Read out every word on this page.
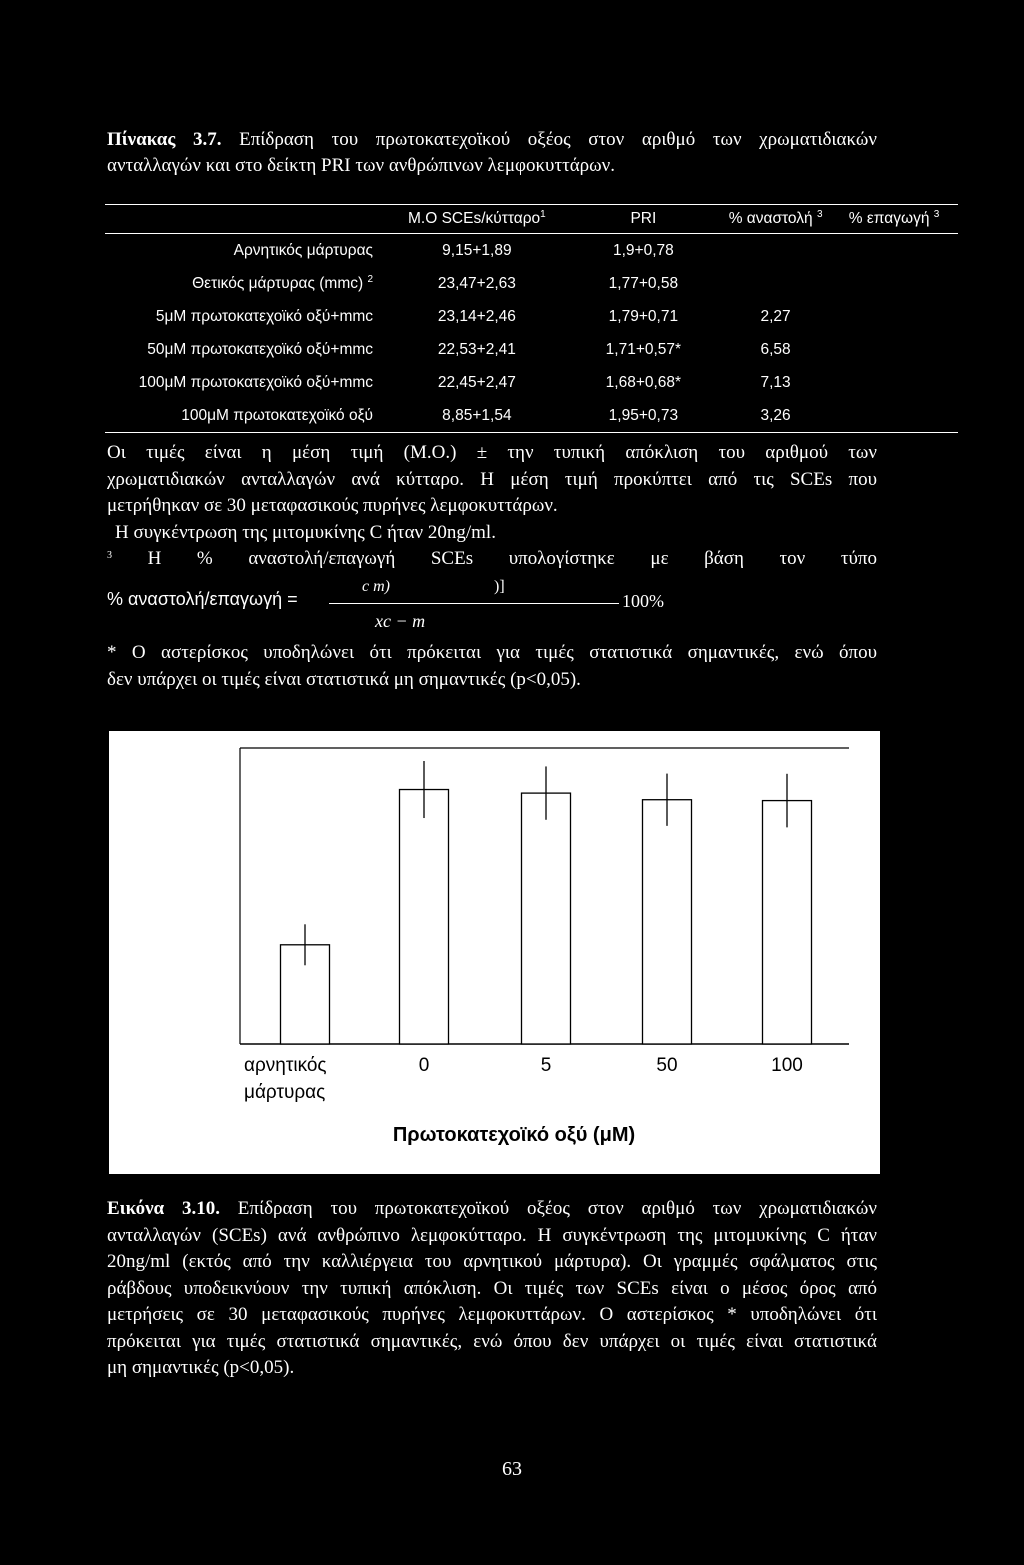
Πίνακας 3.7. Επίδραση του πρωτοκατεχοϊκού οξέος στον αριθμό των χρωματιδιακών
ανταλλαγών και στο δείκτη PRI των ανθρώπινων λεμφοκυττάρων.
	Μ.Ο SCEs/κύτταρο$^1$	PRI	% αναστολή $^3$	% επαγωγή $^3$
Αρνητικός μάρτυρας	9,15+1,89	1,9+0,78		
Θετικός μάρτυρας (mmc) $^2$	23,47+2,63	1,77+0,58		
5μΜ πρωτοκατεχοϊκό οξύ+mmc	23,14+2,46	1,79+0,71	2,27	
50μΜ πρωτοκατεχοϊκό οξύ+mmc	22,53+2,41	1,71+0,57*	6,58	
100μΜ πρωτοκατεχοϊκό οξύ+mmc	22,45+2,47	1,68+0,68*	7,13	
100μΜ πρωτοκατεχοϊκό οξύ	8,85+1,54	1,95+0,73	3,26	
Οι τιμές είναι η μέση τιμή (Μ.Ο.) ± την τυπική απόκλιση του αριθμού των
χρωματιδιακών ανταλλαγών ανά κύτταρο. Η μέση τιμή προκύπτει από τις SCEs που
μετρήθηκαν σε 30 μεταφασικούς πυρήνες λεμφοκυττάρων.
Η συγκέντρωση της μιτομυκίνης C ήταν 20ng/ml.
$^3$ Η % αναστολή/επαγωγή SCEs υπολογίστηκε με βάση τον τύπο
% αναστολή/επαγωγή =
c m)	)]
100%
xc − m
* Ο αστερίσκος υποδηλώνει ότι πρόκειται για τιμές στατιστικά σημαντικές, ενώ όπου
δεν υπάρχει οι τιμές είναι στατιστικά μη σημαντικές (p<0,05).
αρνητικός μάρτυρας
0	5	50	100
Πρωτοκατεχοϊκό οξύ (μΜ)
Εικόνα 3.10. Επίδραση του πρωτοκατεχοϊκού οξέος στον αριθμό των χρωματιδιακών
ανταλλαγών (SCEs) ανά ανθρώπινο λεμφοκύτταρο. Η συγκέντρωση της μιτομυκίνης C ήταν
20ng/ml (εκτός από την καλλιέργεια του αρνητικού μάρτυρα). Οι γραμμές σφάλματος στις
ράβδους υποδεικνύουν την τυπική απόκλιση. Οι τιμές των SCEs είναι ο μέσος όρος από
μετρήσεις σε 30 μεταφασικούς πυρήνες λεμφοκυττάρων. Ο αστερίσκος * υποδηλώνει ότι
πρόκειται για τιμές στατιστικά σημαντικές, ενώ όπου δεν υπάρχει οι τιμές είναι στατιστικά
μη σημαντικές (p<0,05).
63
